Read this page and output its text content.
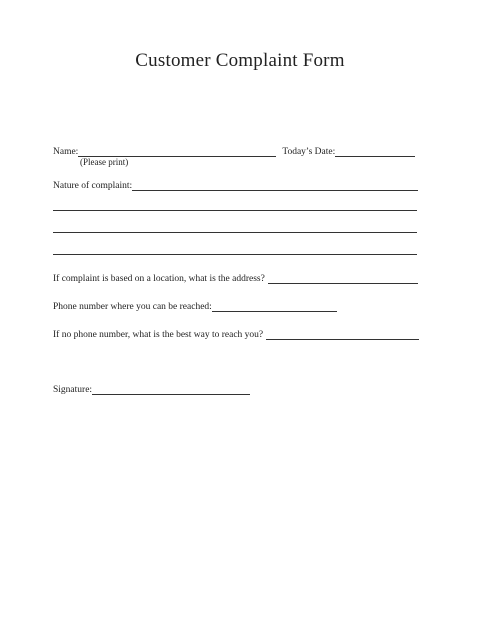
Customer Complaint Form
Name:	Today’s Date:
(Please print)
Nature of complaint:
If complaint is based on a location, what is the address?
Phone number where you can be reached:
If no phone number, what is the best way to reach you?
Signature:
